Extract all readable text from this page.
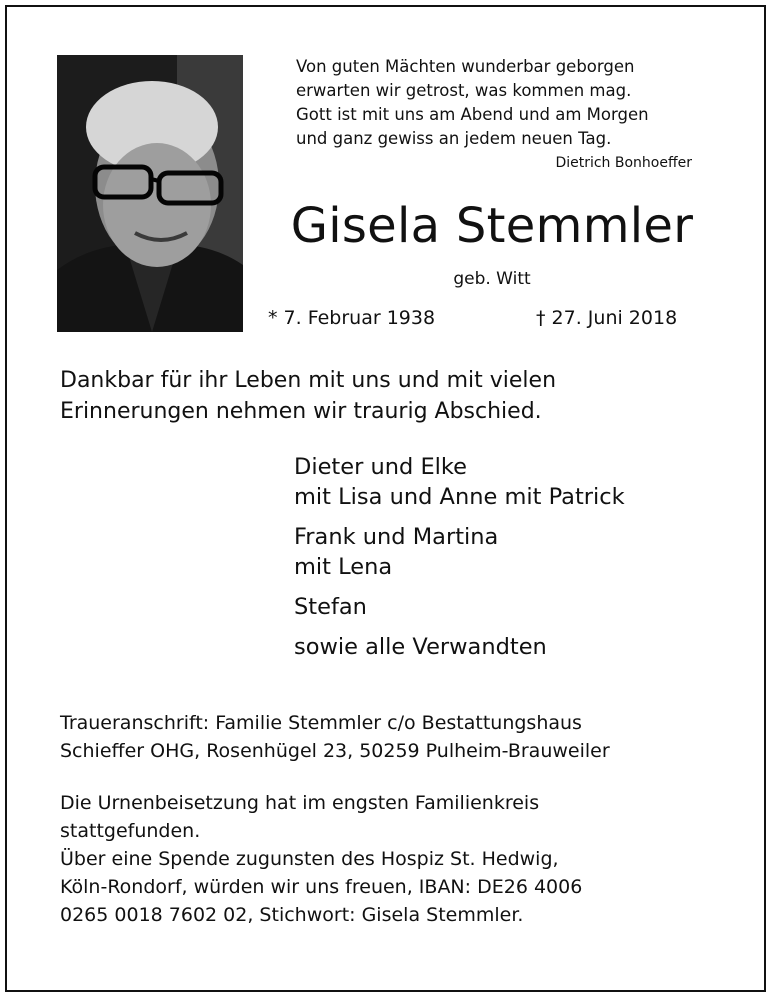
Von guten Mächten wunderbar geborgen
erwarten wir getrost, was kommen mag.
Gott ist mit uns am Abend und am Morgen
und ganz gewiss an jedem neuen Tag.
Dietrich Bonhoeffer
Gisela Stemmler
geb. Witt
* 7. Februar 1938	† 27. Juni 2018
Dankbar für ihr Leben mit uns und mit vielen
Erinnerungen nehmen wir traurig Abschied.
Dieter und Elke
mit Lisa und Anne mit Patrick
Frank und Martina
mit Lena
Stefan
sowie alle Verwandten
Traueranschrift: Familie Stemmler c/o Bestattungshaus
Schieffer OHG, Rosenhügel 23, 50259 Pulheim-Brauweiler
Die Urnenbeisetzung hat im engsten Familienkreis
stattgefunden.
Über eine Spende zugunsten des Hospiz St. Hedwig,
Köln-Rondorf, würden wir uns freuen, IBAN: DE26 4006
0265 0018 7602 02, Stichwort: Gisela Stemmler.
